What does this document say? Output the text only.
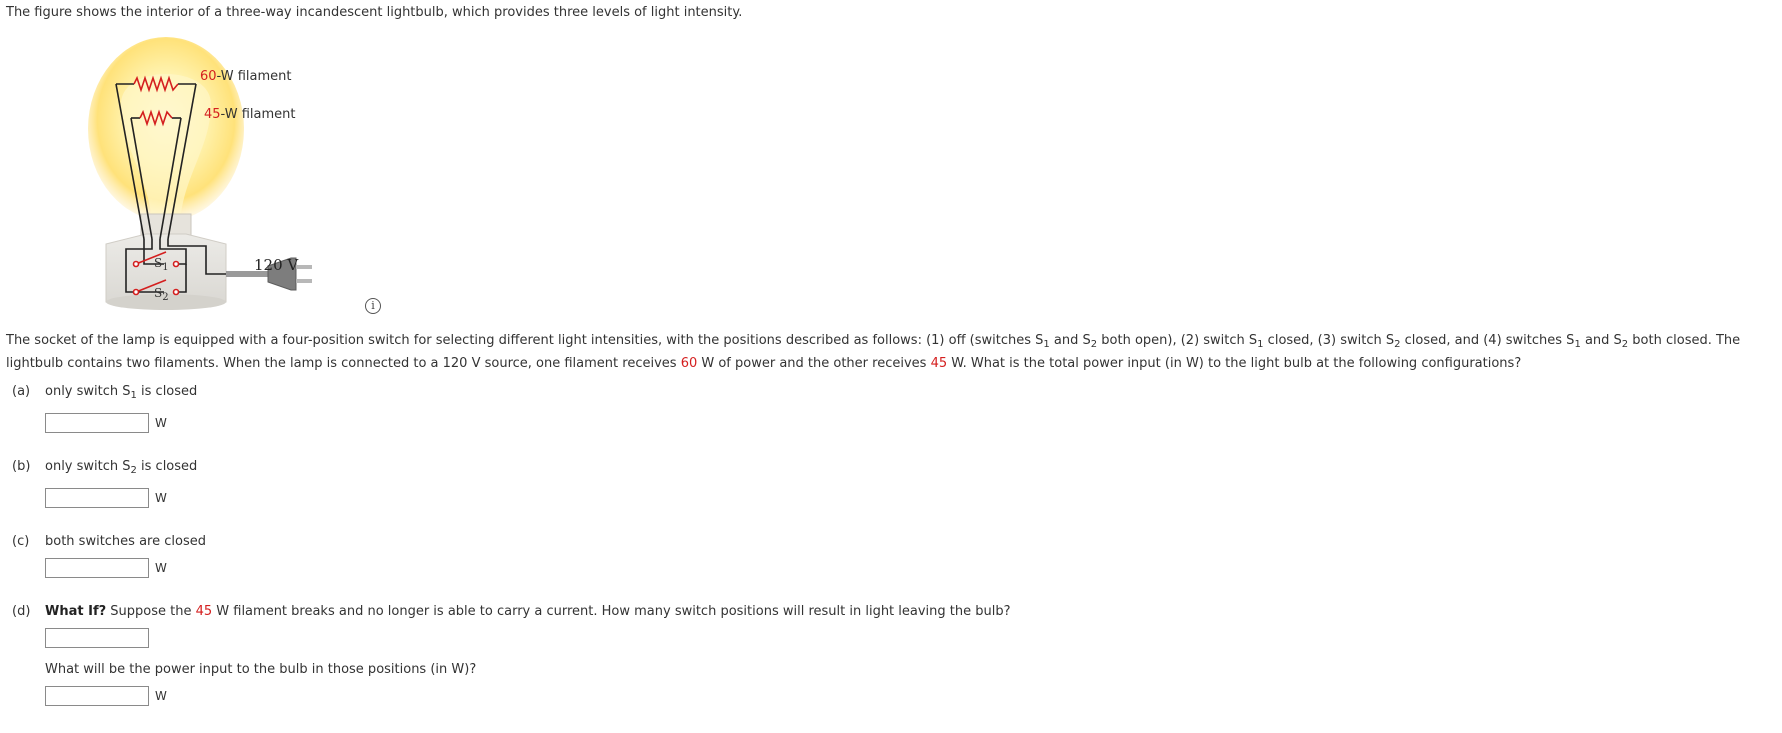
The figure shows the interior of a three-way incandescent lightbulb, which provides three levels of light intensity.
60-W filament
45-W filament
$S_1$
$S_2$
120 V
i
The socket of the lamp is equipped with a four-position switch for selecting different light intensities, with the positions described as follows: (1) off (switches $S_1$ and $S_2$ both open), (2) switch $S_1$ closed, (3) switch $S_2$ closed, and (4) switches $S_1$ and $S_2$ both closed. The lightbulb contains two filaments. When the lamp is connected to a 120 V source, one filament receives 60 W of power and the other receives 45 W. What is the total power input (in W) to the light bulb at the following configurations?
(a) only switch $S_1$ is closed
W
(b) only switch $S_2$ is closed
W
(c) both switches are closed
W
(d) What If? Suppose the 45 W filament breaks and no longer is able to carry a current. How many switch positions will result in light leaving the bulb?
What will be the power input to the bulb in those positions (in W)?
W
